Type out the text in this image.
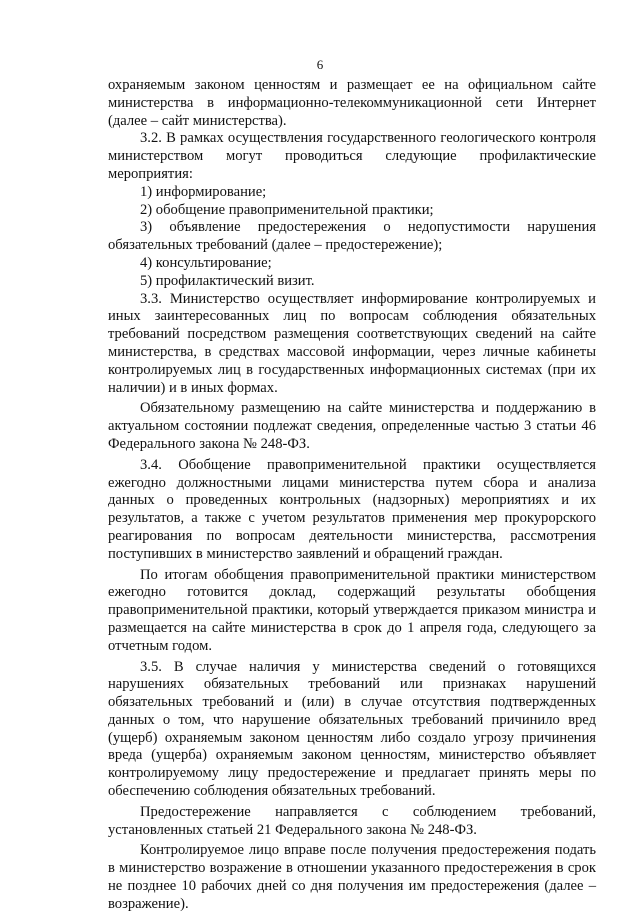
6

охраняемым законом ценностям и размещает ее на официальном сайте министерства в информационно-телекоммуникационной сети Интернет (далее – сайт министерства).

3.2. В рамках осуществления государственного геологического контроля министерством могут проводиться следующие профилактические мероприятия:

1) информирование;

2) обобщение правоприменительной практики;

3) объявление предостережения о недопустимости нарушения обязательных требований (далее – предостережение);

4) консультирование;

5) профилактический визит.

3.3. Министерство осуществляет информирование контролируемых и иных заинтересованных лиц по вопросам соблюдения обязательных требований посредством размещения соответствующих сведений на сайте министерства, в средствах массовой информации, через личные кабинеты контролируемых лиц в государственных информационных системах (при их наличии) и в иных формах.

Обязательному размещению на сайте министерства и поддержанию в актуальном состоянии подлежат сведения, определенные частью 3 статьи 46 Федерального закона № 248-ФЗ.

3.4. Обобщение правоприменительной практики осуществляется ежегодно должностными лицами министерства путем сбора и анализа данных о проведенных контрольных (надзорных) мероприятиях и их результатов, а также с учетом результатов применения мер прокурорского реагирования по вопросам деятельности министерства, рассмотрения поступивших в министерство заявлений и обращений граждан.

По итогам обобщения правоприменительной практики министерством ежегодно готовится доклад, содержащий результаты обобщения правоприменительной практики, который утверждается приказом министра и размещается на сайте министерства в срок до 1 апреля года, следующего за отчетным годом.

3.5. В случае наличия у министерства сведений о готовящихся нарушениях обязательных требований или признаках нарушений обязательных требований и (или) в случае отсутствия подтвержденных данных о том, что нарушение обязательных требований причинило вред (ущерб) охраняемым законом ценностям либо создало угрозу причинения вреда (ущерба) охраняемым законом ценностям, министерство объявляет контролируемому лицу предостережение и предлагает принять меры по обеспечению соблюдения обязательных требований.

Предостережение направляется с соблюдением требований, установленных статьей 21 Федерального закона № 248-ФЗ.

Контролируемое лицо вправе после получения предостережения подать в министерство возражение в отношении указанного предостережения в срок не позднее 10 рабочих дней со дня получения им предостережения (далее – возражение).
